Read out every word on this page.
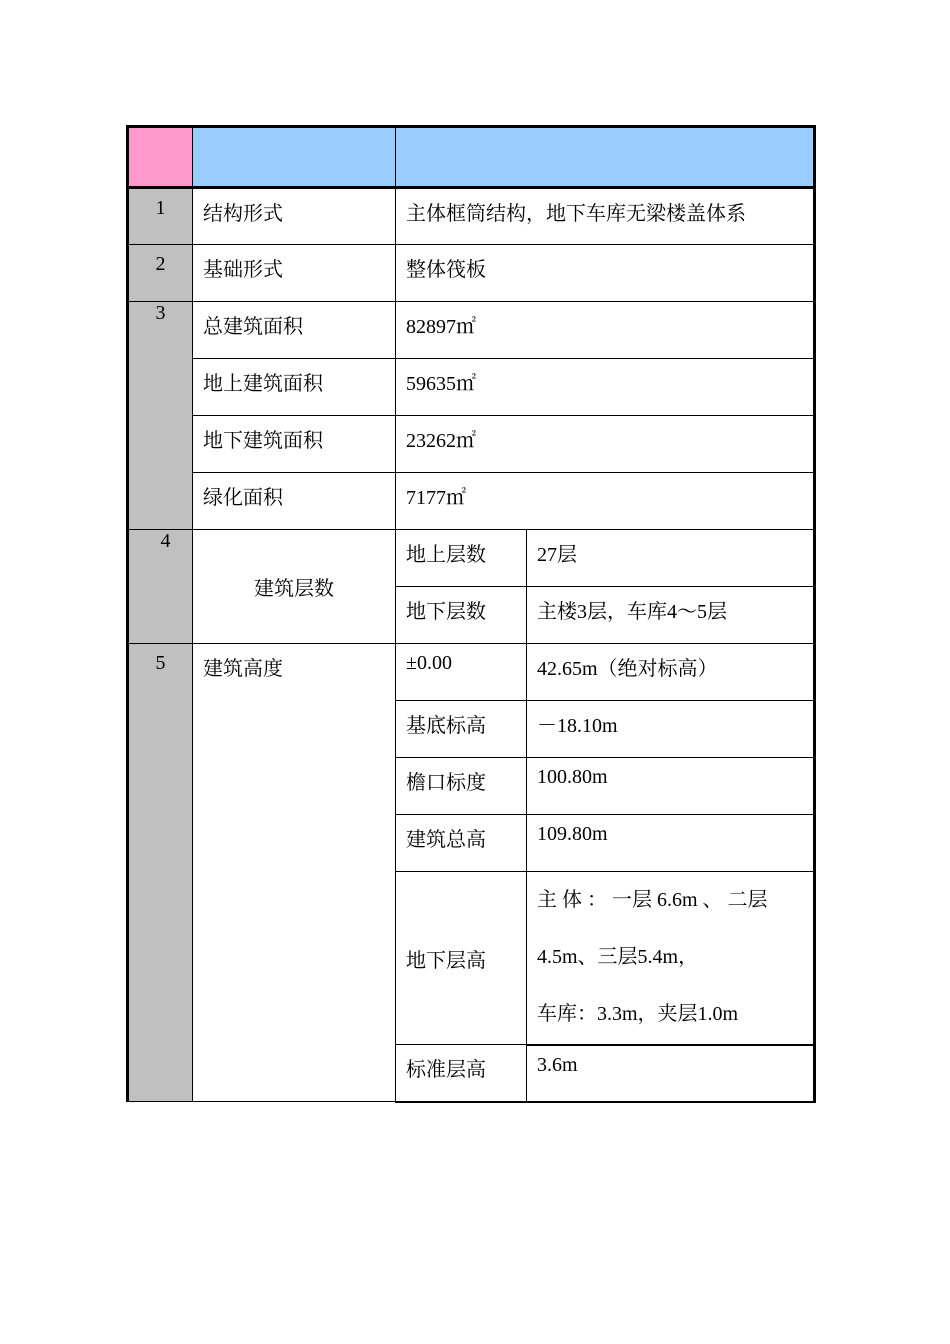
1	结构形式	主体框筒结构，地下车库无梁楼盖体系	
2	基础形式	整体筏板	
3	总建筑面积	82897㎡	
	地上建筑面积	59635㎡	
	地下建筑面积	23262㎡	
	绿化面积	7177㎡	
4	建筑层数	地上层数	27层
		地下层数	主楼3层，车库4～5层
5	建筑高度	±0.00	42.65m（绝对标高）
		基底标高	－18.10m
		檐口标度	100.80m
		建筑总高	109.80m
		地下层高	主 体 ： 一层 6.6m 、 二层
4.5m、三层5.4m，
车库：3.3m，夹层1.0m

		标准层高	3.6m
